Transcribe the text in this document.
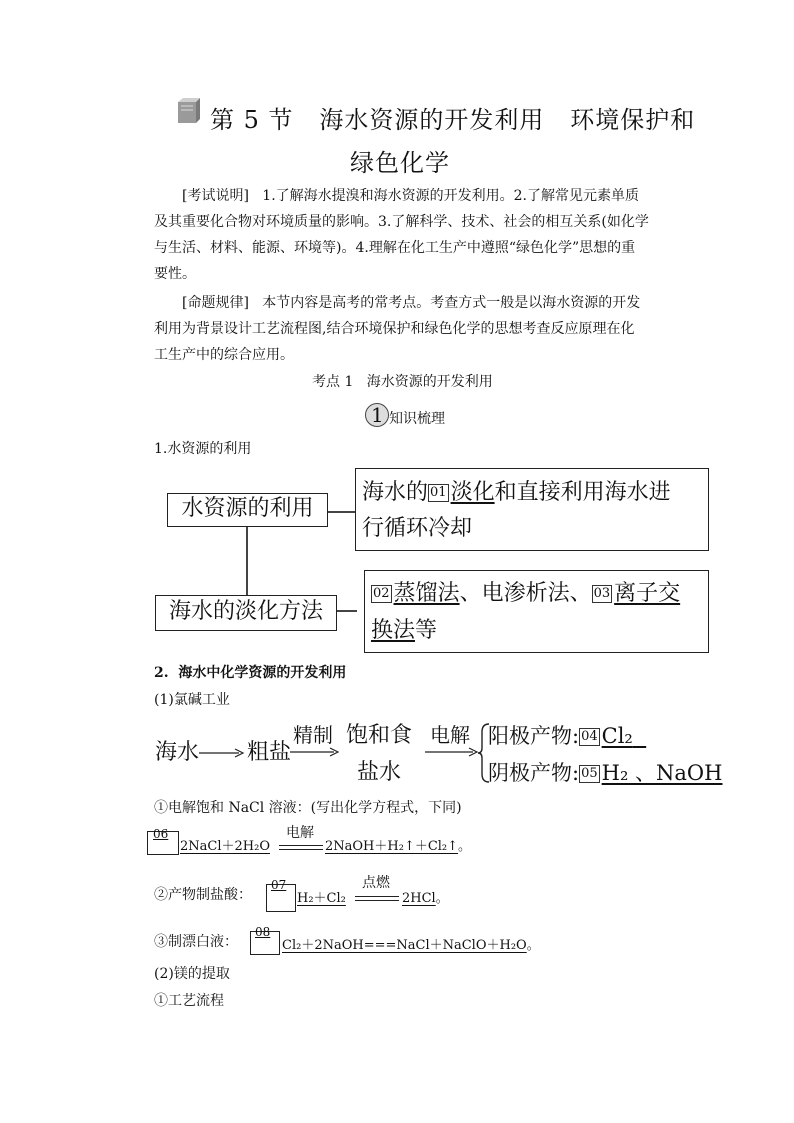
第 5 节   海水资源的开发利用   环境保护和
绿色化学
[考试说明] 1.了解海水提溴和海水资源的开发利用。2.了解常见元素单质
及其重要化合物对环境质量的影响。3.了解科学、技术、社会的相互关系(如化学
与生活、材料、能源、环境等)。4.理解在化工生产中遵照“绿色化学”思想的重
要性。
[命题规律] 本节内容是高考的常考点。考查方式一般是以海水资源的开发
利用为背景设计工艺流程图,结合环境保护和绿色化学的思想考查反应原理在化
工生产中的综合应用。
考点 1   海水资源的开发利用
1 知识梳理
1.水资源的利用
水资源的利用
海水的淡化方法
海水的 01 淡化和直接利用海水进
行循环冷却
02 蒸馏法、电渗析法、 03 离子交
换法等
2.  海水中化学资源的开发利用
(1)氯碱工业
海水 粗盐
精制 饱和食
盐水
电解 阳极产物: 04 Cl₂
阴极产物: 05 H₂ 、NaOH
①电解饱和 NaCl 溶液：(写出化学方程式，下同)
06
2NaCl＋2H₂O
电解
2NaOH＋H₂↑＋Cl₂↑。
②产物制盐酸：
07
H₂＋Cl₂
点燃
2HCl。
③制漂白液：
08
Cl₂＋2NaOH===NaCl＋NaClO＋H₂O。
(2)镁的提取
①工艺流程
